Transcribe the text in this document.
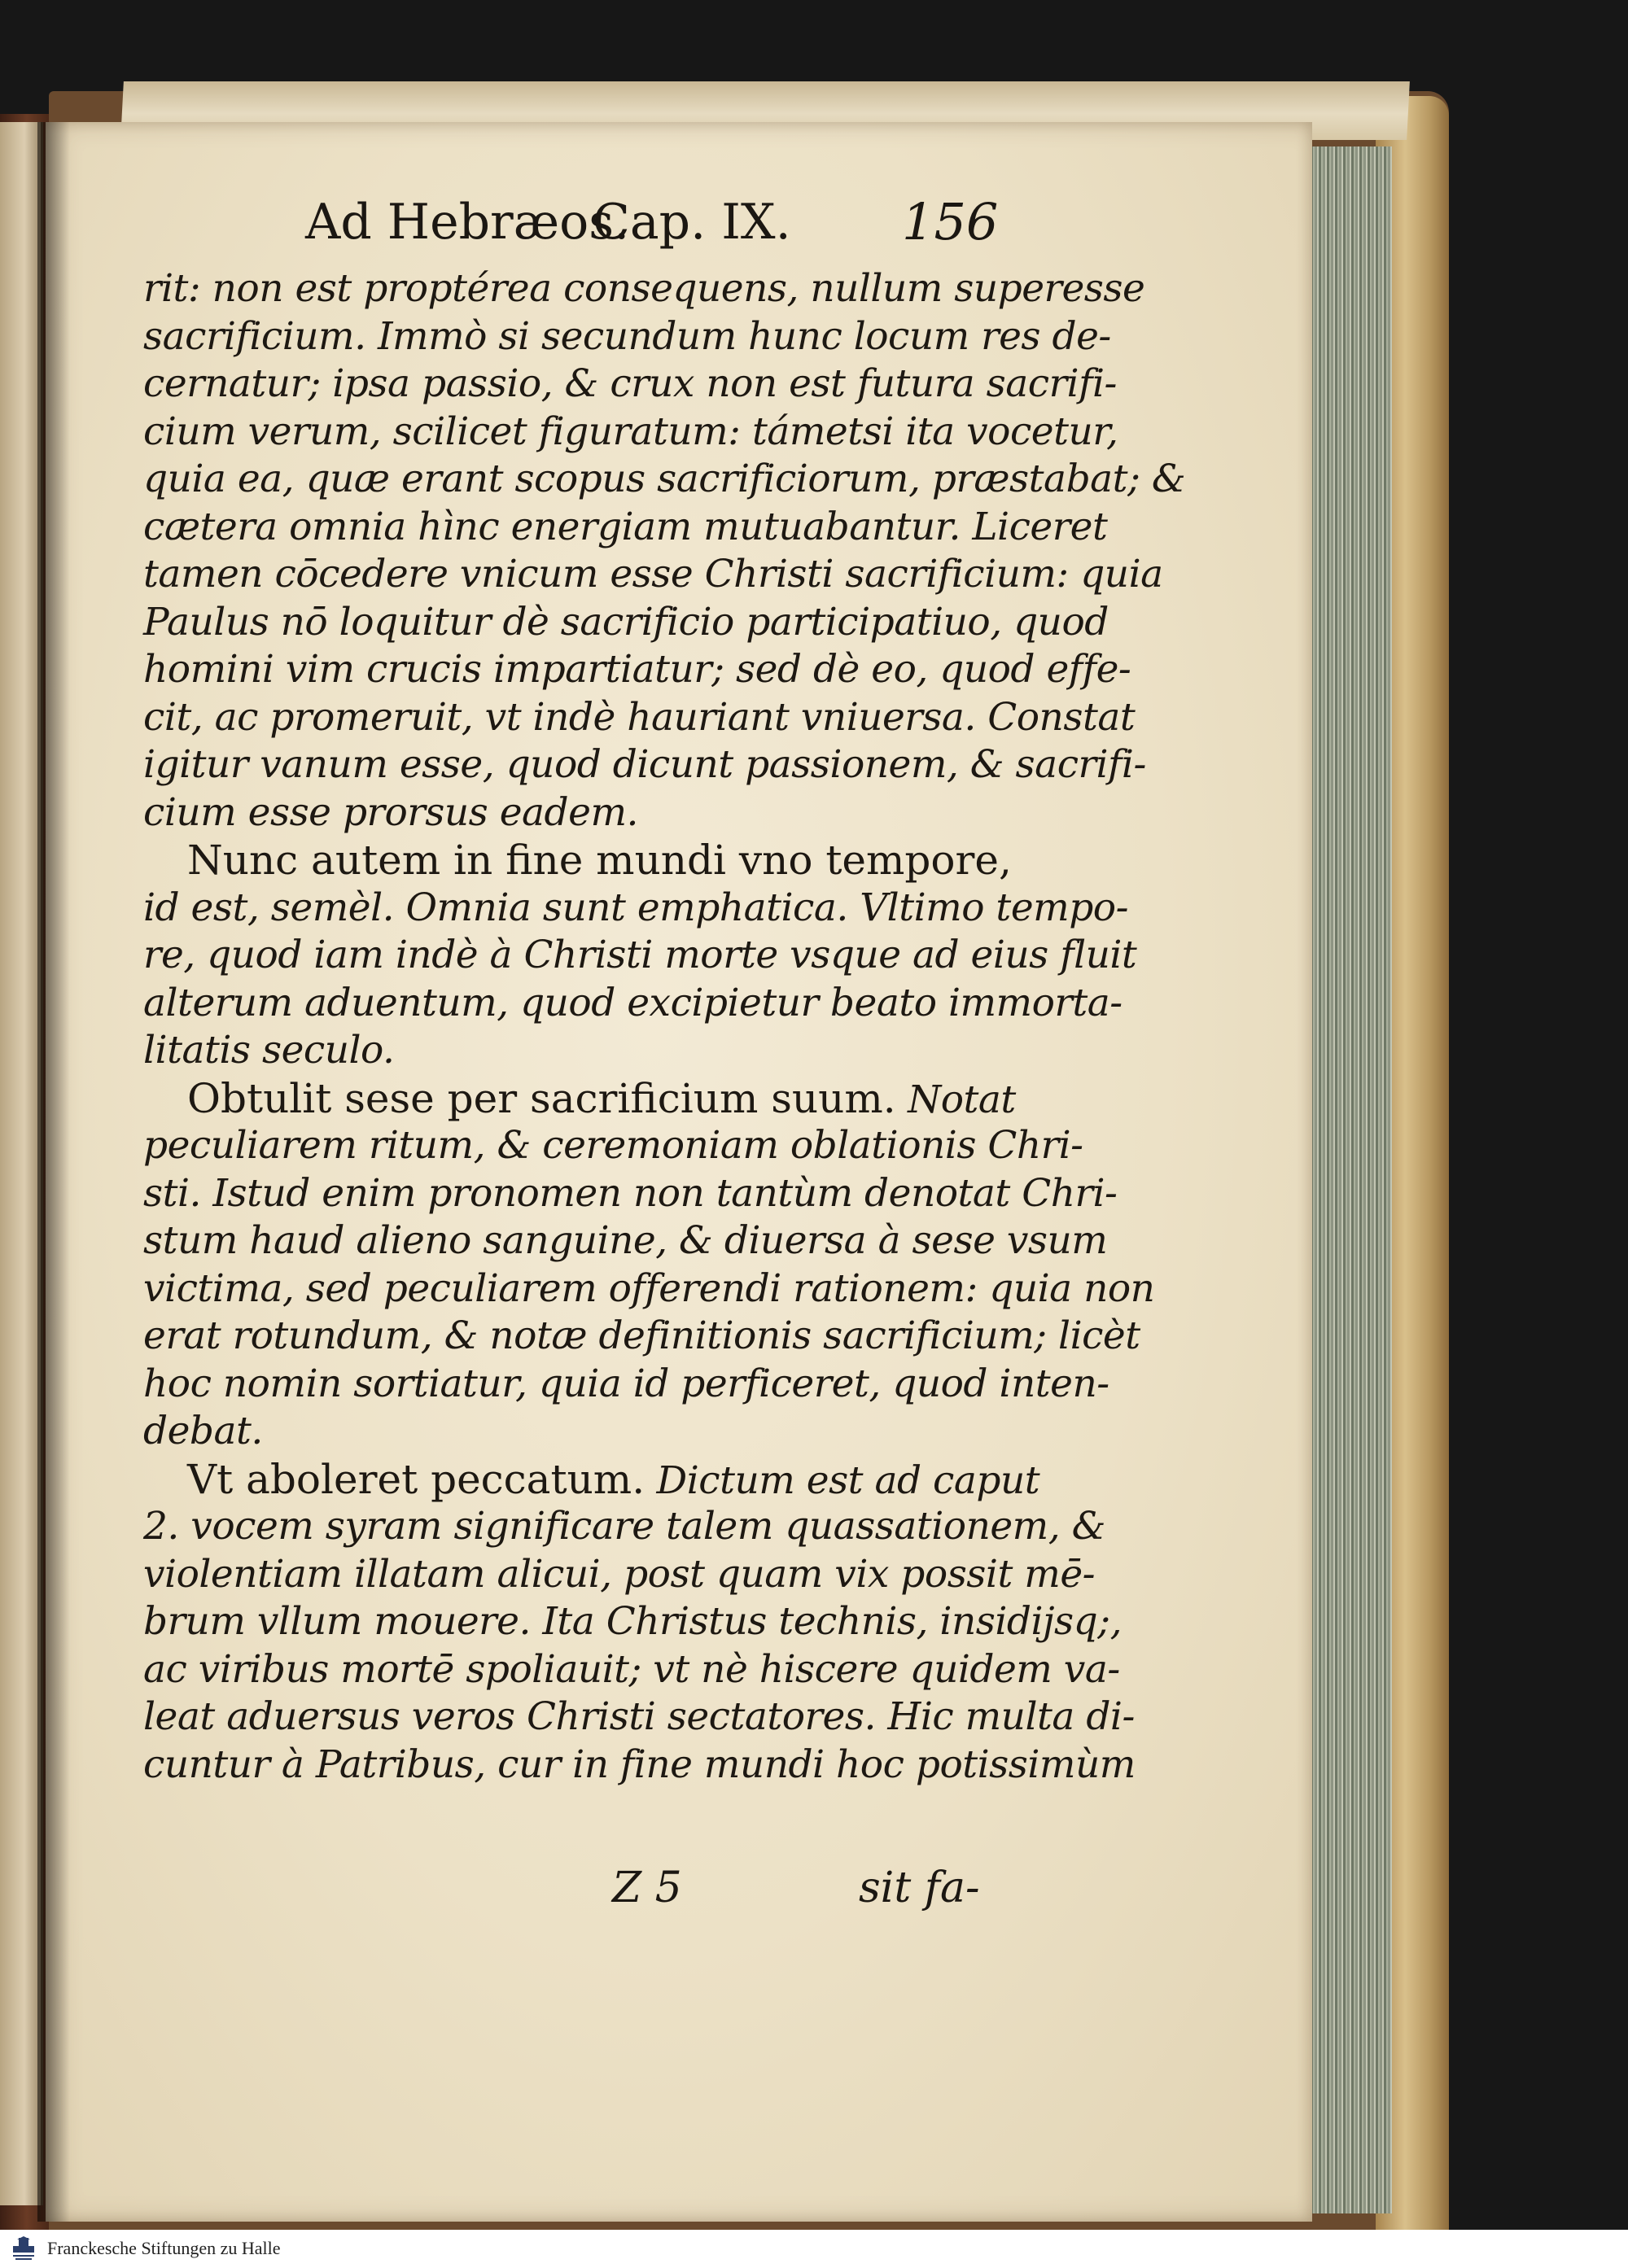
Ad Hebræos.
Cap. IX. 156
rit: non est proptérea consequens, nullum superesse
sacrificium. Immò si secundum hunc locum res de-
cernatur; ipsa passio, & crux non est futura sacrifi-
cium verum, scilicet figuratum: támetsi ita vocetur,
quia ea, quæ erant scopus sacrificiorum, præstabat; &
cætera omnia hìnc energiam mutuabantur. Liceret
tamen cōcedere vnicum esse Christi sacrificium: quia
Paulus nō loquitur dè sacrificio participatiuo, quod
homini vim crucis impartiatur; sed dè eo, quod effe-
cit, ac promeruit, vt indè hauriant vniuersa. Constat
igitur vanum esse, quod dicunt passionem, & sacrifi-
cium esse prorsus eadem.
Nunc autem in fine mundi vno tempore,
id est, semèl. Omnia sunt emphatica. Vltimo tempo-
re, quod iam indè à Christi morte vsque ad eius fluit
alterum aduentum, quod excipietur beato immorta-
litatis seculo.
Obtulit sese per sacrificium suum. Notat
peculiarem ritum, & ceremoniam oblationis Chri-
sti. Istud enim pronomen non tantùm denotat Chri-
stum haud alieno sanguine, & diuersa à sese vsum
victima, sed peculiarem offerendi rationem: quia non
erat rotundum, & notæ definitionis sacrificium; licèt
hoc nomin sortiatur, quia id perficeret, quod inten-
debat.
Vt aboleret peccatum. Dictum est ad caput
2. vocem syram significare talem quassationem, &
violentiam illatam alicui, post quam vix possit mē-
brum vllum mouere. Ita Christus technis, insidijsq;,
ac viribus mortē spoliauit; vt nè hiscere quidem va-
leat aduersus veros Christi sectatores. Hic multa di-
cuntur à Patribus, cur in fine mundi hoc potissimùm
Z 5	sit fa-
Franckesche Stiftungen zu Halle
